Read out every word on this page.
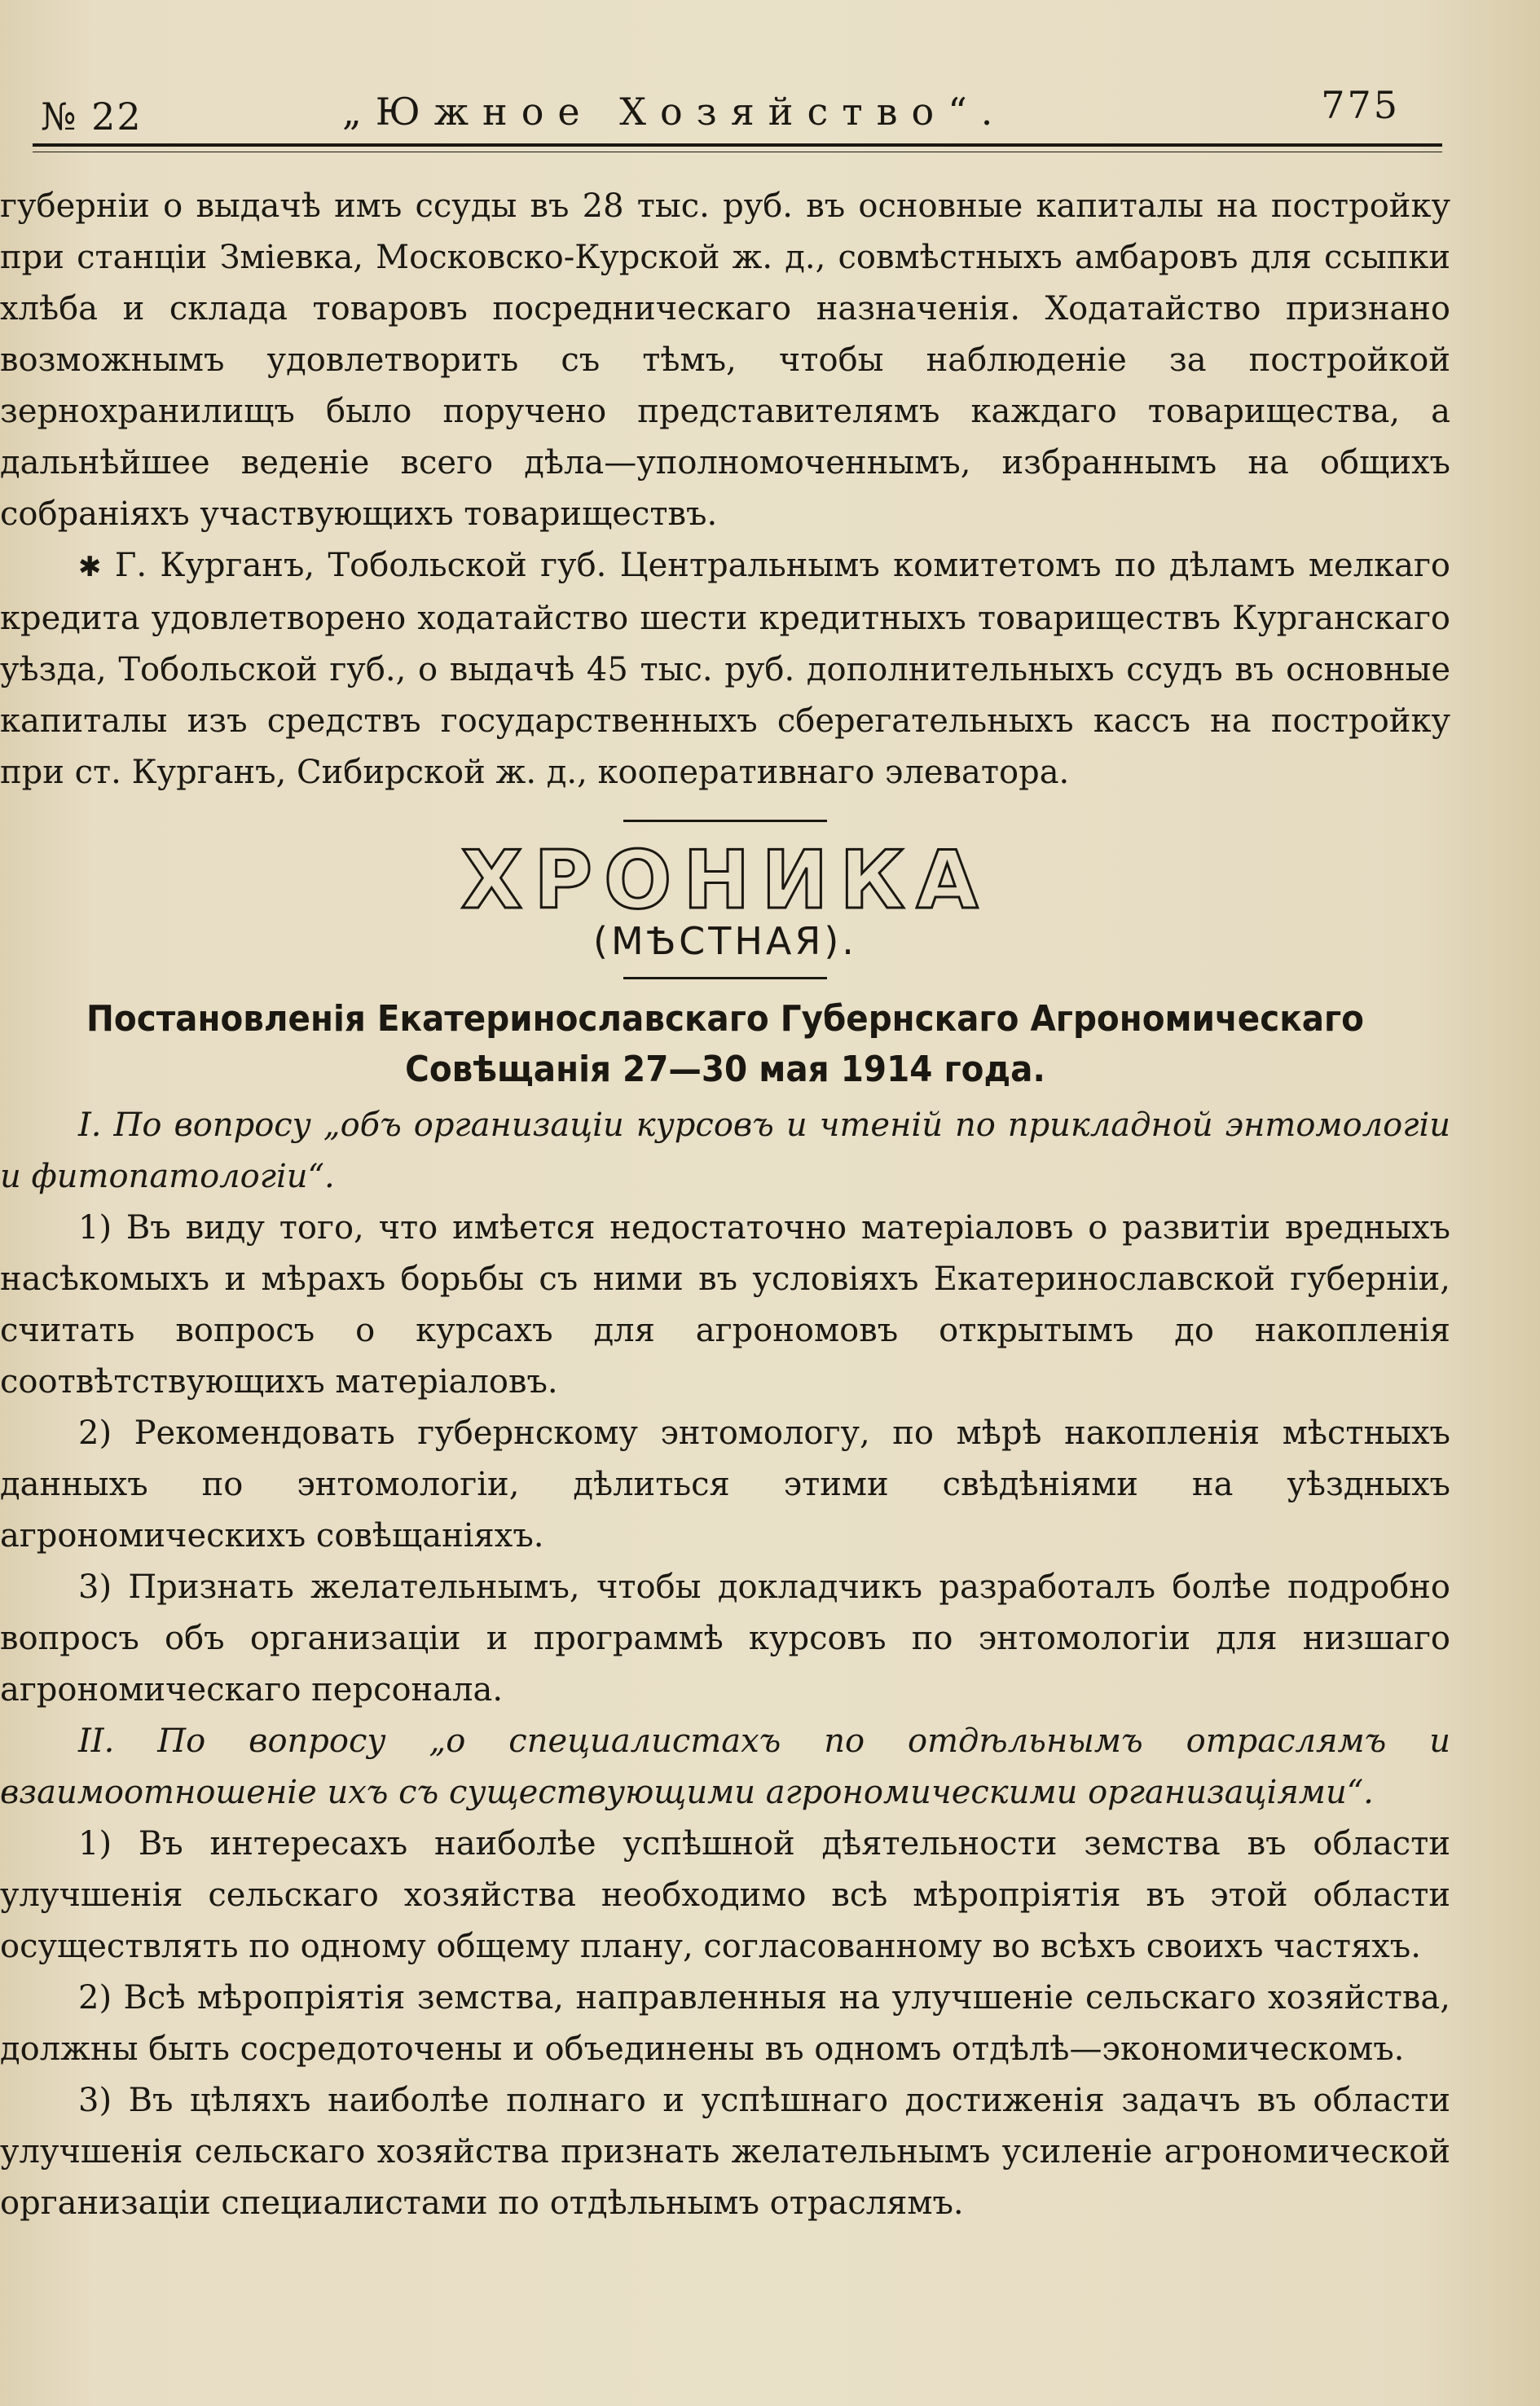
№ 22	„Южное Хозяйство“.	775

губернiи о выдачѣ имъ ссуды въ 28 тыс. руб. въ основные капиталы на постройку при станцiи Змiевка, Московско-Курской ж. д., совмѣстныхъ амбаровъ для ссыпки хлѣба и склада товаровъ посредническаго назначенiя. Ходатайство признано возможнымъ удовлетворить съ тѣмъ, чтобы наблюденiе за постройкой зернохранилищъ было поручено представителямъ каждаго товарищества, а дальнѣйшее веденiе всего дѣла—уполномоченнымъ, избраннымъ на общихъ собранiяхъ участвующихъ товариществъ.

✱ Г. Курганъ, Тобольской губ. Центральнымъ комитетомъ по дѣламъ мелкаго кредита удовлетворено ходатайство шести кредитныхъ товариществъ Курганскаго уѣзда, Тобольской губ., о выдачѣ 45 тыс. руб. дополнительныхъ ссудъ въ основные капиталы изъ средствъ государственныхъ сберегательныхъ кассъ на постройку при ст. Курганъ, Сибирской ж. д., кооперативнаго элеватора.

ХРОНИКА
(МѢСТНАЯ).
Постановленiя Екатеринославскаго Губернскаго Агрономическаго
Совѣщанiя 27—30 мая 1914 года.

I. По вопросу „объ организацiи курсовъ и чтенiй по прикладной энтомологiи и фитопатологiи“.

1) Въ виду того, что имѣется недостаточно матерiаловъ о развитiи вредныхъ насѣкомыхъ и мѣрахъ борьбы съ ними въ условiяхъ Екатеринославской губернiи, считать вопросъ о курсахъ для агрономовъ открытымъ до накопленiя соотвѣтствующихъ матерiаловъ.

2) Рекомендовать губернскому энтомологу, по мѣрѣ накопленiя мѣстныхъ данныхъ по энтомологiи, дѣлиться этими свѣдѣнiями на уѣздныхъ агрономическихъ совѣщанiяхъ.

3) Признать желательнымъ, чтобы докладчикъ разработалъ болѣе подробно вопросъ объ организацiи и программѣ курсовъ по энтомологiи для низшаго агрономическаго персонала.

II. По вопросу „о специалистахъ по отдѣльнымъ отраслямъ и взаимоотношенiе ихъ съ существующими агрономическими организацiями“.

1) Въ интересахъ наиболѣе успѣшной дѣятельности земства въ области улучшенiя сельскаго хозяйства необходимо всѣ мѣропрiятiя въ этой области осуществлять по одному общему плану, согласованному во всѣхъ своихъ частяхъ.

2) Всѣ мѣропрiятiя земства, направленныя на улучшенiе сельскаго хозяйства, должны быть сосредоточены и объединены въ одномъ отдѣлѣ—экономическомъ.

3) Въ цѣляхъ наиболѣе полнаго и успѣшнаго достиженiя задачъ въ области улучшенiя сельскаго хозяйства признать желательнымъ усиленiе агрономической организацiи специалистами по отдѣльнымъ отраслямъ.
